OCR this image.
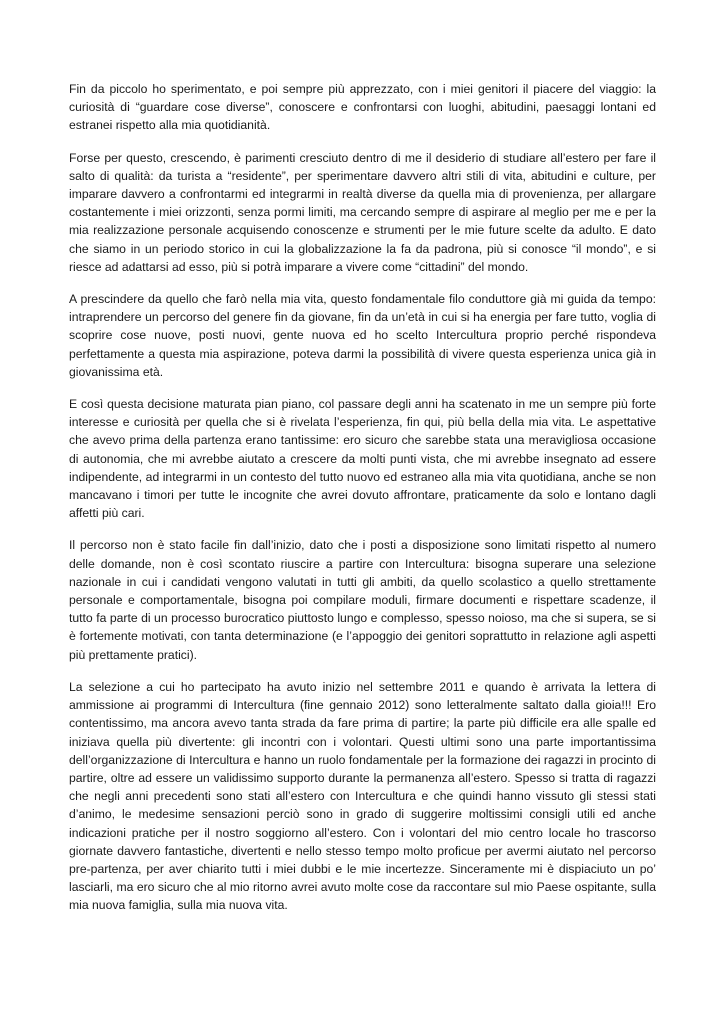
Fin da piccolo ho sperimentato, e poi sempre più apprezzato, con i miei genitori il piacere del viaggio: la curiosità di “guardare cose diverse”, conoscere e confrontarsi con luoghi, abitudini, paesaggi lontani ed estranei rispetto alla mia quotidianità.

Forse per questo, crescendo, è parimenti cresciuto dentro di me il desiderio di studiare all’estero per fare il salto di qualità: da turista a “residente”, per sperimentare davvero altri stili di vita, abitudini e culture, per imparare davvero a confrontarmi ed integrarmi in realtà diverse da quella mia di provenienza, per allargare costantemente i miei orizzonti, senza pormi limiti, ma cercando sempre di aspirare al meglio per me e per la mia realizzazione personale acquisendo conoscenze e strumenti per le mie future scelte da adulto. E dato che siamo in un periodo storico in cui la globalizzazione la fa da padrona, più si conosce “il mondo”, e si riesce ad adattarsi ad esso, più si potrà imparare a vivere come “cittadini” del mondo.

A prescindere da quello che farò nella mia vita, questo fondamentale filo conduttore già mi guida da tempo: intraprendere un percorso del genere fin da giovane, fin da un’età in cui si ha energia per fare tutto, voglia di scoprire cose nuove, posti nuovi, gente nuova ed ho scelto Intercultura proprio perché rispondeva perfettamente a questa mia aspirazione, poteva darmi la possibilità di vivere questa esperienza unica già in giovanissima età.

E così questa decisione maturata pian piano, col passare degli anni ha scatenato in me un sempre più forte interesse e curiosità per quella che si è rivelata l’esperienza, fin qui, più bella della mia vita. Le aspettative che avevo prima della partenza erano tantissime: ero sicuro che sarebbe stata una meravigliosa occasione di autonomia, che mi avrebbe aiutato a crescere da molti punti vista, che mi avrebbe insegnato ad essere indipendente, ad integrarmi in un contesto del tutto nuovo ed estraneo alla mia vita quotidiana, anche se non mancavano i timori per tutte le incognite che avrei dovuto affrontare, praticamente da solo e lontano dagli affetti più cari.

Il percorso non è stato facile fin dall’inizio, dato che i posti a disposizione sono limitati rispetto al numero delle domande, non è così scontato riuscire a partire con Intercultura: bisogna superare una selezione nazionale in cui i candidati vengono valutati in tutti gli ambiti, da quello scolastico a quello strettamente personale e comportamentale, bisogna poi compilare moduli, firmare documenti e rispettare scadenze, il tutto fa parte di un processo burocratico piuttosto lungo e complesso, spesso noioso, ma che si supera, se si è fortemente motivati, con tanta determinazione (e l’appoggio dei genitori soprattutto in relazione agli aspetti più prettamente pratici).

La selezione a cui ho partecipato ha avuto inizio nel settembre 2011 e quando è arrivata la lettera di ammissione ai programmi di Intercultura (fine gennaio 2012) sono letteralmente saltato dalla gioia!!! Ero contentissimo, ma ancora avevo tanta strada da fare prima di partire; la parte più difficile era alle spalle ed iniziava quella più divertente: gli incontri con i volontari. Questi ultimi sono una parte importantissima dell’organizzazione di Intercultura e hanno un ruolo fondamentale per la formazione dei ragazzi in procinto di partire, oltre ad essere un validissimo supporto durante la permanenza all’estero. Spesso si tratta di ragazzi che negli anni precedenti sono stati all’estero con Intercultura e che quindi hanno vissuto gli stessi stati d’animo, le medesime sensazioni perciò sono in grado di suggerire moltissimi consigli utili ed anche indicazioni pratiche per il nostro soggiorno all’estero. Con i volontari del mio centro locale ho trascorso giornate davvero fantastiche, divertenti e nello stesso tempo molto proficue per avermi aiutato nel percorso pre-partenza, per aver chiarito tutti i miei dubbi e le mie incertezze. Sinceramente mi è dispiaciuto un po’ lasciarli, ma ero sicuro che al mio ritorno avrei avuto molte cose da raccontare sul mio Paese ospitante, sulla mia nuova famiglia, sulla mia nuova vita.
